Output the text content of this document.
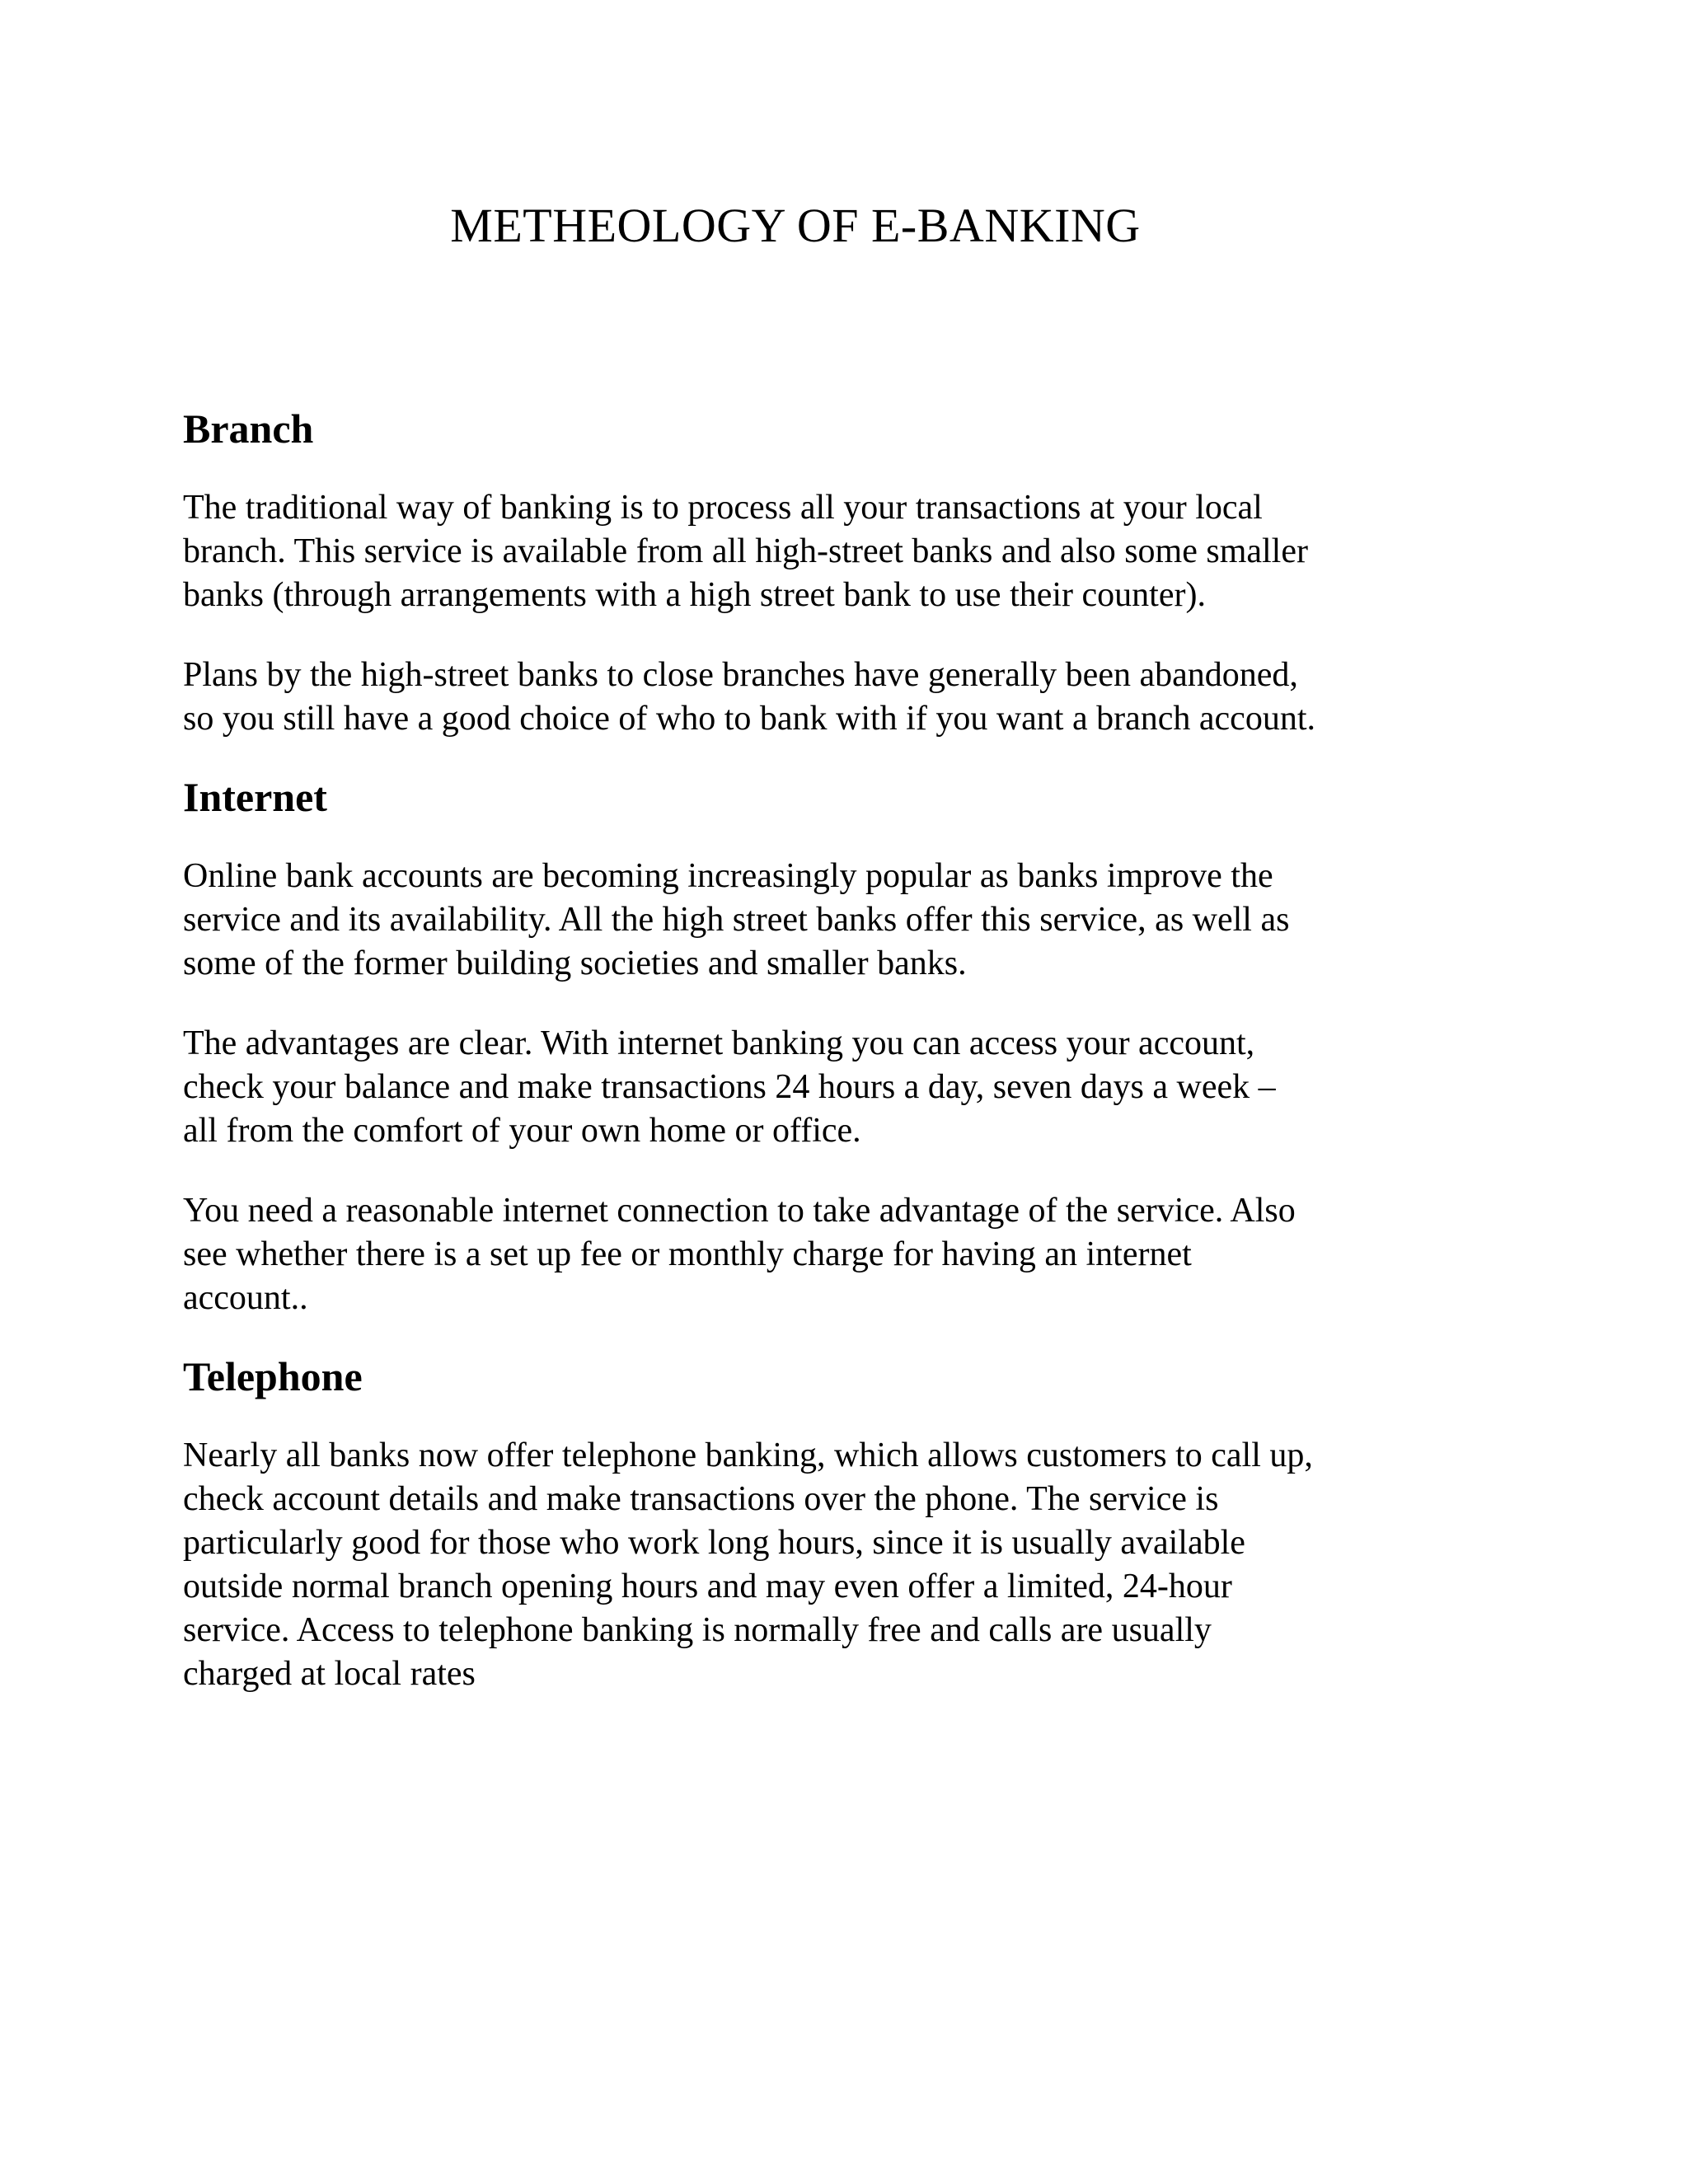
METHEOLOGY OF E-BANKING
Branch

The traditional way of banking is to process all your transactions at your local
branch. This service is available from all high-street banks and also some smaller
banks (through arrangements with a high street bank to use their counter).

Plans by the high-street banks to close branches have generally been abandoned,
so you still have a good choice of who to bank with if you want a branch account.

Internet

Online bank accounts are becoming increasingly popular as banks improve the
service and its availability. All the high street banks offer this service, as well as
some of the former building societies and smaller banks.

The advantages are clear. With internet banking you can access your account,
check your balance and make transactions 24 hours a day, seven days a week –
all from the comfort of your own home or office.

You need a reasonable internet connection to take advantage of the service. Also
see whether there is a set up fee or monthly charge for having an internet
account..

Telephone

Nearly all banks now offer telephone banking, which allows customers to call up,
check account details and make transactions over the phone. The service is
particularly good for those who work long hours, since it is usually available
outside normal branch opening hours and may even offer a limited, 24-hour
service. Access to telephone banking is normally free and calls are usually
charged at local rates
